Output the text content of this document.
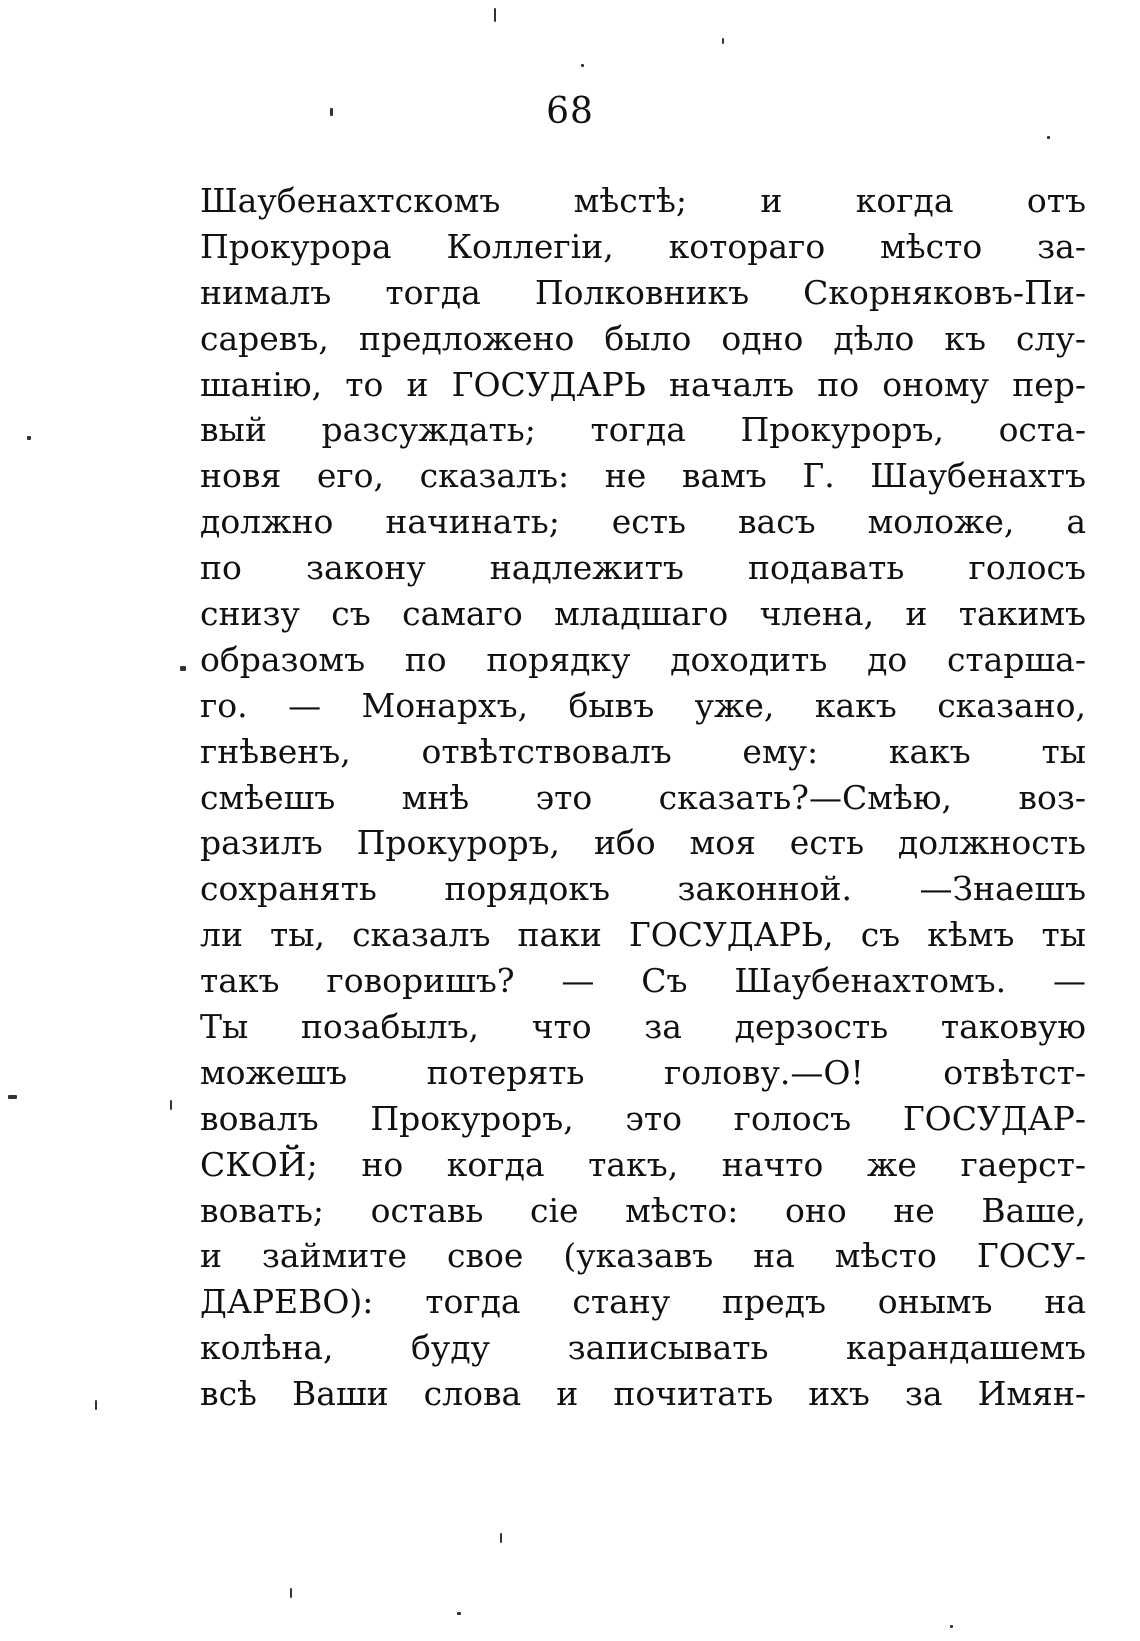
68
Шаубенахтскомъ мѣстѣ; и когда отъ
Прокурора Коллегіи, котораго мѣсто за-
нималъ тогда Полковникъ Скорняковъ-Пи-
саревъ, предложено было одно дѣло къ слу-
шанію, то и ГОСУДАРЬ началъ по оному пер-
вый разсуждать; тогда Прокуроръ, оста-
новя его, сказалъ: не вамъ Г. Шаубенахтъ
должно начинать; есть васъ моложе, а
по закону надлежитъ подавать голосъ
снизу съ самаго младшаго члена, и такимъ
образомъ по порядку доходить до старша-
го. — Монархъ, бывъ уже, какъ сказано,
гнѣвенъ, отвѣтствовалъ ему: какъ ты
смѣешъ мнѣ это сказать?—Смѣю, воз-
разилъ Прокуроръ, ибо моя есть должность
сохранять порядокъ законной. —Знаешъ
ли ты, сказалъ паки ГОСУДАРЬ, съ кѣмъ ты
такъ говоришъ? — Съ Шаубенахтомъ. —
Ты позабылъ, что за дерзость таковую
можешъ потерять голову.—О! отвѣтст-
вовалъ Прокуроръ, это голосъ ГОСУДАР-
СКОЙ; но когда такъ, начто же гаерст-
вовать; оставь сіе мѣсто: оно не Ваше,
и займите свое (указавъ на мѣсто ГОСУ-
ДАРЕВО): тогда стану предъ онымъ на
колѣна, буду записывать карандашемъ
всѣ Ваши слова и почитать ихъ за Имян-
